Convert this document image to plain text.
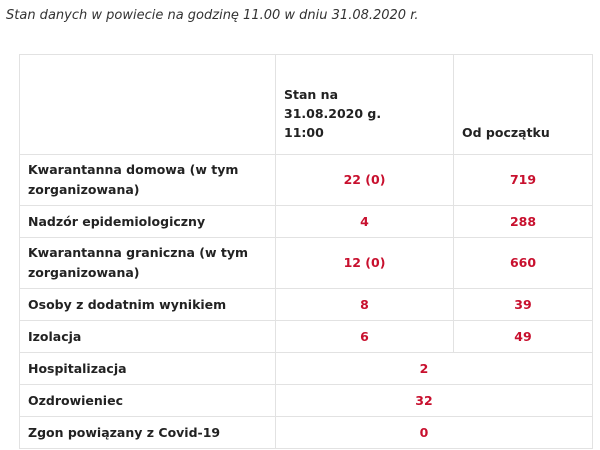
Stan danych w powiecie na godzinę 11.00 w dniu 31.08.2020 r.

	Stan na 31.08.2020 g. 11:00	Od początku

Kwarantanna domowa (w tym zorganizowana)	22 (0)	719
Nadzór epidemiologiczny	4	288
Kwarantanna graniczna (w tym zorganizowana)	12 (0)	660
Osoby z dodatnim wynikiem	8	39
Izolacja	6	49
Hospitalizacja	2	
Ozdrowieniec	32	
Zgon powiązany z Covid-19	0	
